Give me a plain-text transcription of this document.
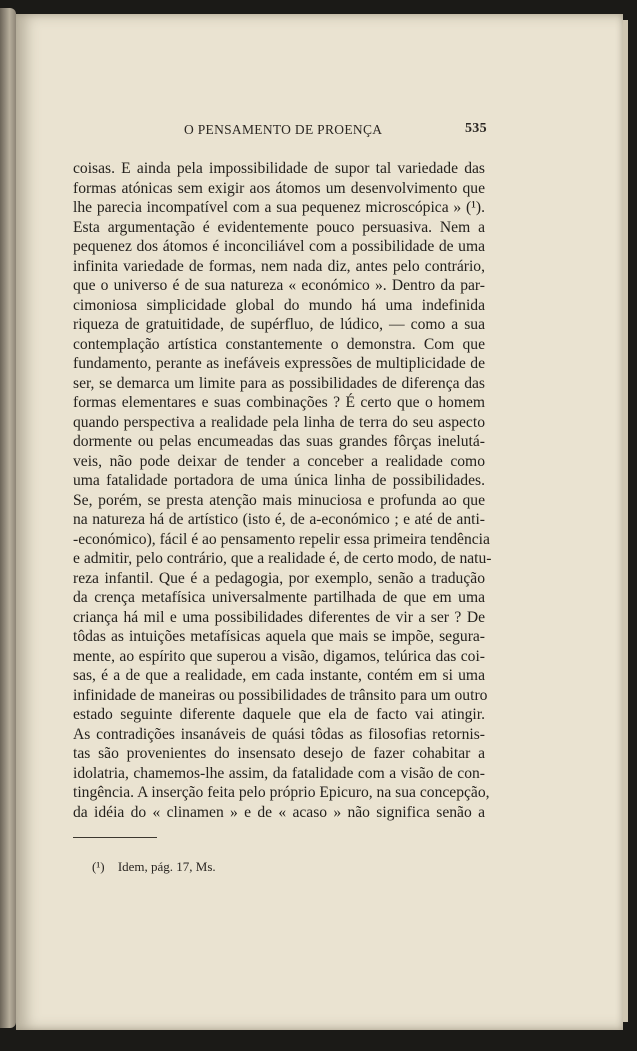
O PENSAMENTO DE PROENÇA	535
coisas. E ainda pela impossibilidade de supor tal variedade das
formas atónicas sem exigir aos átomos um desenvolvimento que
lhe parecia incompatível com a sua pequenez microscópica » (¹).
Esta argumentação é evidentemente pouco persuasiva. Nem a
pequenez dos átomos é inconciliável com a possibilidade de uma
infinita variedade de formas, nem nada diz, antes pelo contrário,
que o universo é de sua natureza « económico ». Dentro da par-
cimoniosa simplicidade global do mundo há uma indefinida
riqueza de gratuitidade, de supérfluo, de lúdico, — como a sua
contemplação artística constantemente o demonstra. Com que
fundamento, perante as inefáveis expressões de multiplicidade de
ser, se demarca um limite para as possibilidades de diferença das
formas elementares e suas combinações ? É certo que o homem
quando perspectiva a realidade pela linha de terra do seu aspecto
dormente ou pelas encumeadas das suas grandes fôrças inelutá-
veis, não pode deixar de tender a conceber a realidade como
uma fatalidade portadora de uma única linha de possibilidades.
Se, porém, se presta atenção mais minuciosa e profunda ao que
na natureza há de artístico (isto é, de a-económico ; e até de anti-
-económico), fácil é ao pensamento repelir essa primeira tendência
e admitir, pelo contrário, que a realidade é, de certo modo, de natu-
reza infantil. Que é a pedagogia, por exemplo, senão a tradução
da crença metafísica universalmente partilhada de que em uma
criança há mil e uma possibilidades diferentes de vir a ser ? De
tôdas as intuições metafísicas aquela que mais se impõe, segura-
mente, ao espírito que superou a visão, digamos, telúrica das coi-
sas, é a de que a realidade, em cada instante, contém em si uma
infinidade de maneiras ou possibilidades de trânsito para um outro
estado seguinte diferente daquele que ela de facto vai atingir.
As contradições insanáveis de quási tôdas as filosofias retornis-
tas são provenientes do insensato desejo de fazer cohabitar a
idolatria, chamemos-lhe assim, da fatalidade com a visão de con-
tingência. A inserção feita pelo próprio Epicuro, na sua concepção,
da idéia do « clinamen » e de « acaso » não significa senão a
(¹) Idem, pág. 17, Ms.
